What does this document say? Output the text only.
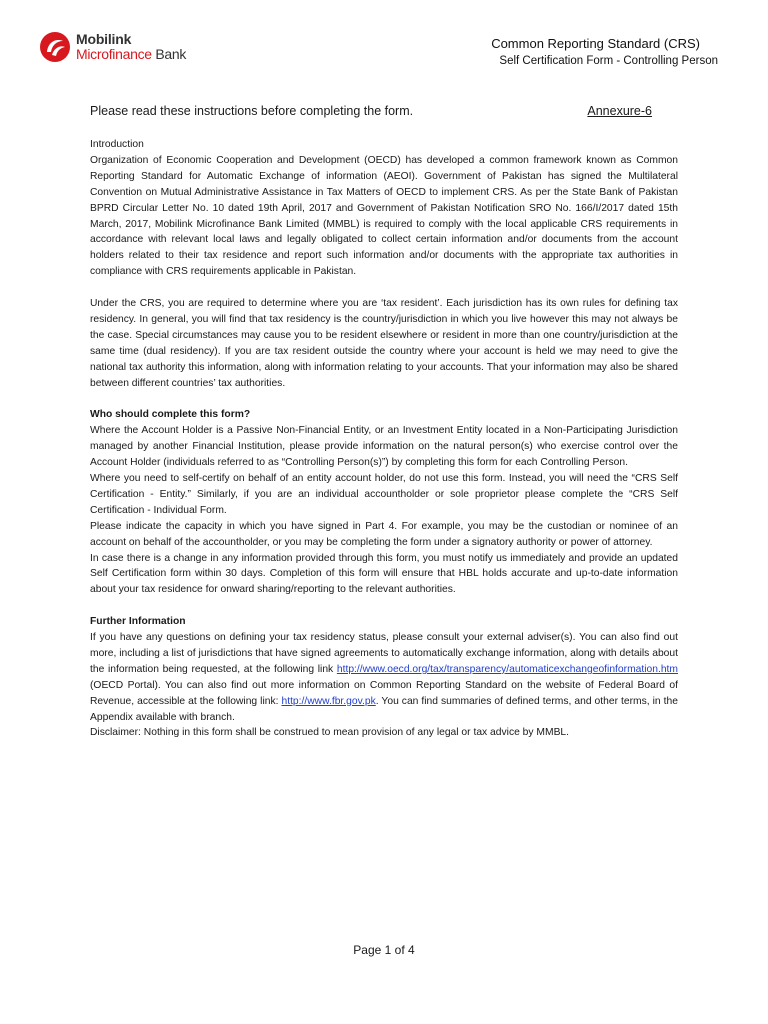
Mobilink
Microfinance Bank
Common Reporting Standard (CRS)
Self Certification Form - Controlling Person
Please read these instructions before completing the form.	Annexure-6

Introduction

Organization of Economic Cooperation and Development (OECD) has developed a common framework known as Common Reporting Standard for Automatic Exchange of information (AEOI). Government of Pakistan has signed the Multilateral Convention on Mutual Administrative Assistance in Tax Matters of OECD to implement CRS. As per the State Bank of Pakistan BPRD Circular Letter No. 10 dated 19th April, 2017 and Government of Pakistan Notification SRO No. 166/I/2017 dated 15th March, 2017, Mobilink Microfinance Bank Limited (MMBL) is required to comply with the local applicable CRS requirements in accordance with relevant local laws and legally obligated to collect certain information and/or documents from the account holders related to their tax residence and report such information and/or documents with the appropriate tax authorities in compliance with CRS requirements applicable in Pakistan.

Under the CRS, you are required to determine where you are ‘tax resident’. Each jurisdiction has its own rules for defining tax residency. In general, you will find that tax residency is the country/jurisdiction in which you live however this may not always be the case. Special circumstances may cause you to be resident elsewhere or resident in more than one country/jurisdiction at the same time (dual residency). If you are tax resident outside the country where your account is held we may need to give the national tax authority this information, along with information relating to your accounts. That your information may also be shared between different countries’ tax authorities.

Who should complete this form?

Where the Account Holder is a Passive Non-Financial Entity, or an Investment Entity located in a Non-Participating Jurisdiction managed by another Financial Institution, please provide information on the natural person(s) who exercise control over the Account Holder (individuals referred to as “Controlling Person(s)”) by completing this form for each Controlling Person.

Where you need to self-certify on behalf of an entity account holder, do not use this form. Instead, you will need the “CRS Self Certification - Entity.” Similarly, if you are an individual accountholder or sole proprietor please complete the “CRS Self Certification - Individual Form.

Please indicate the capacity in which you have signed in Part 4. For example, you may be the custodian or nominee of an account on behalf of the accountholder, or you may be completing the form under a signatory authority or power of attorney.

In case there is a change in any information provided through this form, you must notify us immediately and provide an updated Self Certification form within 30 days. Completion of this form will ensure that HBL holds accurate and up-to-date information about your tax residence for onward sharing/reporting to the relevant authorities.

Further Information

If you have any questions on defining your tax residency status, please consult your external adviser(s). You can also find out more, including a list of jurisdictions that have signed agreements to automatically exchange information, along with details about the information being requested, at the following link http://www.oecd.org/tax/transparency/automaticexchangeofinformation.htm (OECD Portal). You can also find out more information on Common Reporting Standard on the website of Federal Board of Revenue, accessible at the following link: http://www.fbr.gov.pk. You can find summaries of defined terms, and other terms, in the Appendix available with branch.

Disclaimer: Nothing in this form shall be construed to mean provision of any legal or tax advice by MMBL.

Page 1 of 4
